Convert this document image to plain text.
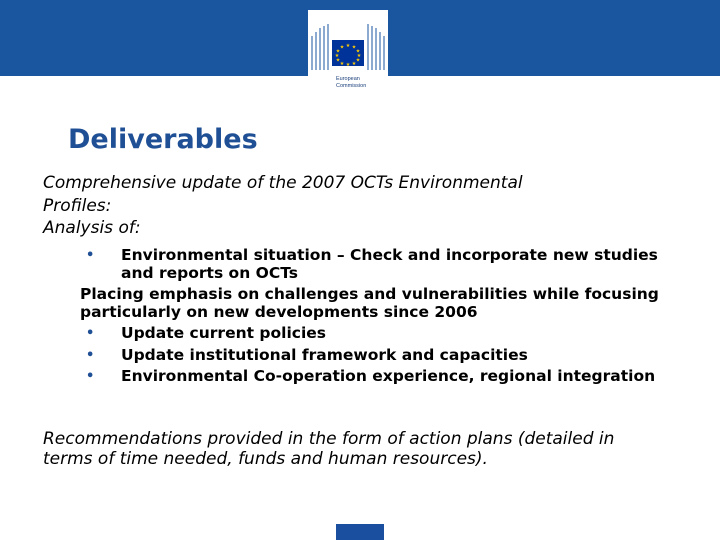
★ ★
★
★
★
★
★
★
★
★
★
★
European
Commission
Deliverables
Comprehensive update of the 2007 OCTs Environmental
Profiles:
Analysis of:
• Environmental situation – Check and incorporate new studies and reports on OCTs
Placing emphasis on challenges and vulnerabilities while focusing particularly on new developments since 2006
• Update current policies
• Update institutional framework and capacities
• Environmental Co-operation experience, regional integration

Recommendations provided in the form of action plans (detailed in terms of time needed, funds and human resources).
